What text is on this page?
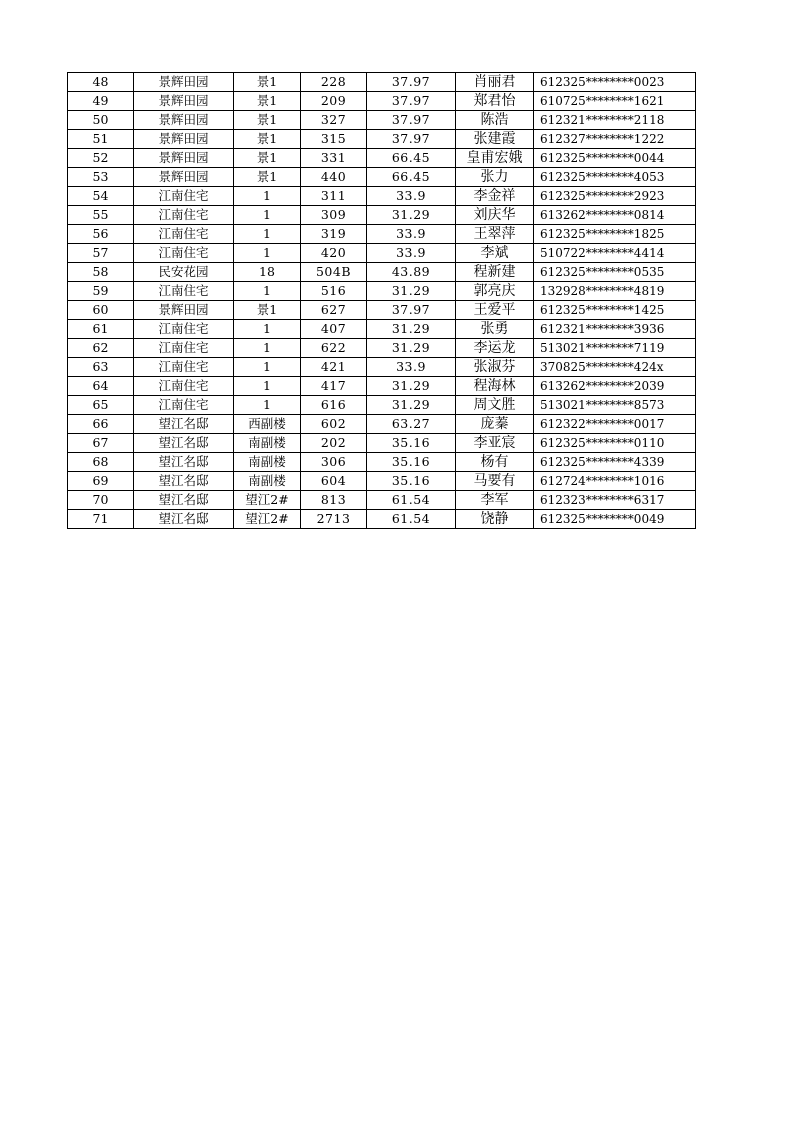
48	景辉田园	景1	228	37.97	肖丽君	612325********0023
49	景辉田园	景1	209	37.97	郑君怡	610725********1621
50	景辉田园	景1	327	37.97	陈浩	612321********2118
51	景辉田园	景1	315	37.97	张建霞	612327********1222
52	景辉田园	景1	331	66.45	皇甫宏娥	612325********0044
53	景辉田园	景1	440	66.45	张力	612325********4053
54	江南住宅	1	311	33.9	李金祥	612325********2923
55	江南住宅	1	309	31.29	刘庆华	613262********0814
56	江南住宅	1	319	33.9	王翠萍	612325********1825
57	江南住宅	1	420	33.9	李斌	510722********4414
58	民安花园	18	504B	43.89	程新建	612325********0535
59	江南住宅	1	516	31.29	郭亮庆	132928********4819
60	景辉田园	景1	627	37.97	王爱平	612325********1425
61	江南住宅	1	407	31.29	张勇	612321********3936
62	江南住宅	1	622	31.29	李运龙	513021********7119
63	江南住宅	1	421	33.9	张淑芬	370825********424x
64	江南住宅	1	417	31.29	程海林	613262********2039
65	江南住宅	1	616	31.29	周文胜	513021********8573
66	望江名邸	西副楼	602	63.27	庞蓁	612322********0017
67	望江名邸	南副楼	202	35.16	李亚宸	612325********0110
68	望江名邸	南副楼	306	35.16	杨有	612325********4339
69	望江名邸	南副楼	604	35.16	马要有	612724********1016
70	望江名邸	望江2#	813	61.54	李军	612323********6317
71	望江名邸	望江2#	2713	61.54	饶静	612325********0049
